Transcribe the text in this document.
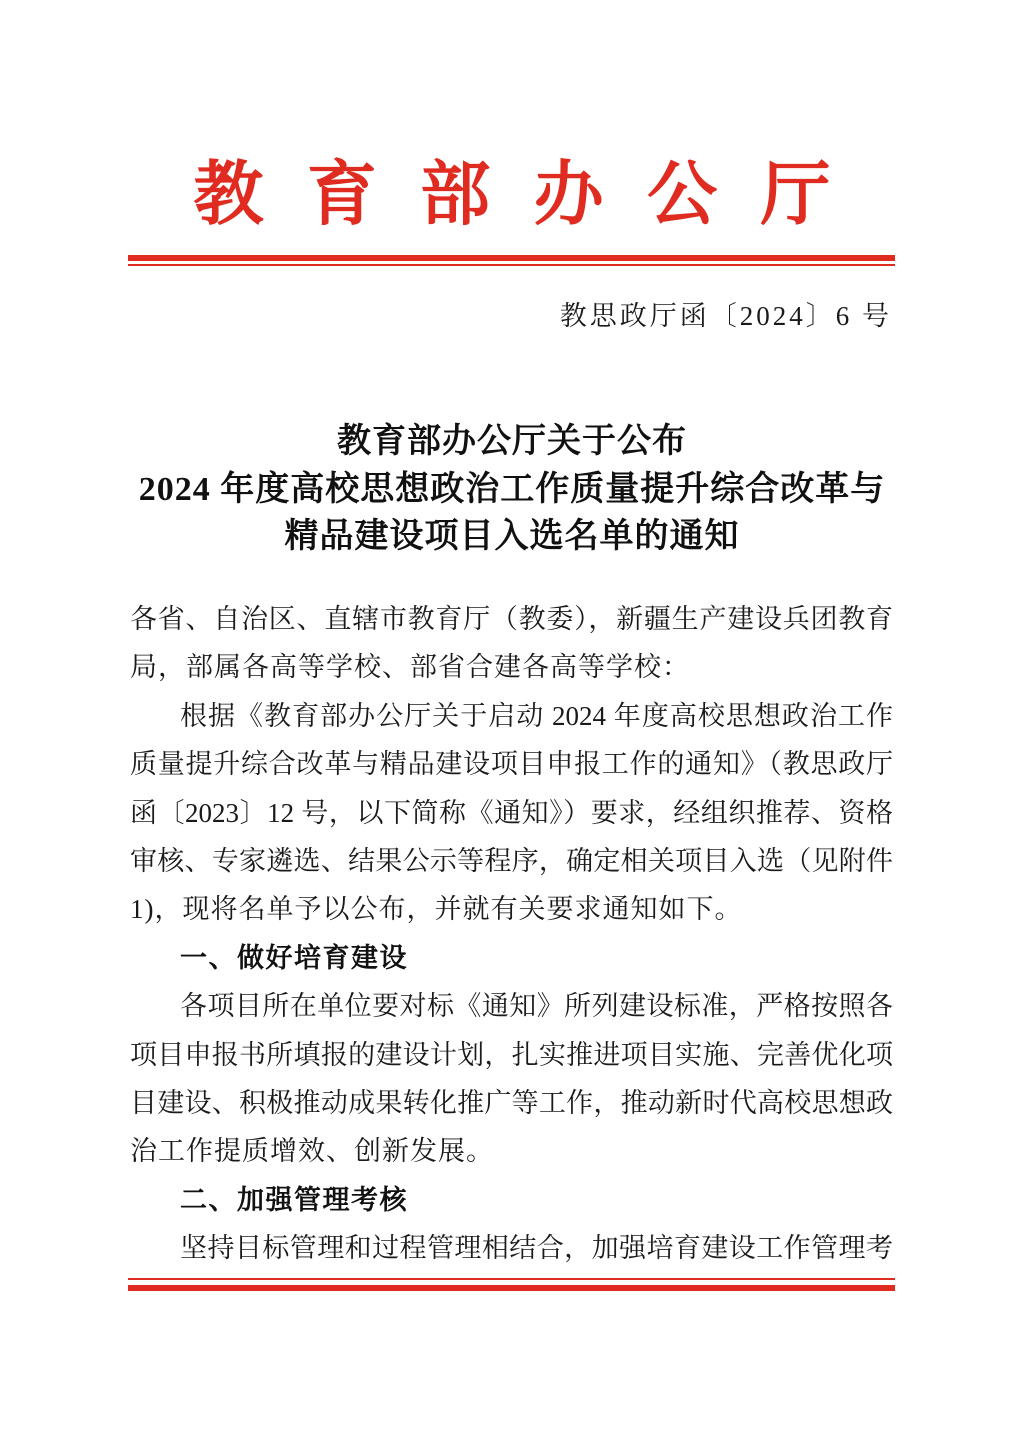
教育部办公厅
教思政厅函〔2024〕6 号
教育部办公厅关于公布
2024 年度高校思想政治工作质量提升综合改革与
精品建设项目入选名单的通知
各省、自治区、直辖市教育厅（教委），新疆生产建设兵团教育
局，部属各高等学校、部省合建各高等学校：
根据《教育部办公厅关于启动 2024 年度高校思想政治工作
质量提升综合改革与精品建设项目申报工作的通知》（教思政厅
函〔2023〕12 号，以下简称《通知》）要求，经组织推荐、资格
审核、专家遴选、结果公示等程序，确定相关项目入选（见附件
1)，现将名单予以公布，并就有关要求通知如下。
一、做好培育建设
各项目所在单位要对标《通知》所列建设标准，严格按照各
项目申报书所填报的建设计划，扎实推进项目实施、完善优化项
目建设、积极推动成果转化推广等工作，推动新时代高校思想政
治工作提质增效、创新发展。
二、加强管理考核
坚持目标管理和过程管理相结合，加强培育建设工作管理考
